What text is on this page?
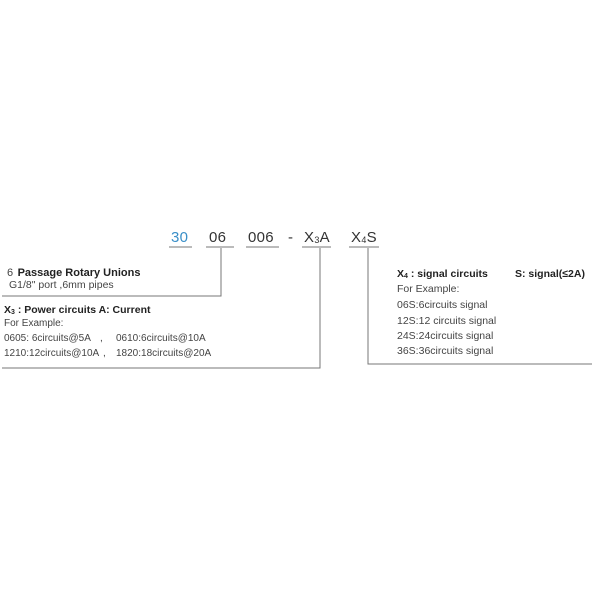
30 06 $006 - X_3A$ $X_4S$
6 Passage Rotary Unions
G1/8" port ,6mm pipes
$X_3$ : Power circuits A: Current
For Example:
0605: 6circuits@5A , 0610:6circuits@10A
1210:12circuits@10A , 1820:18circuits@20A
$X_4$ : signal circuits	S: signal(≤2A)
For Example:
06S:6circuits signal
12S:12 circuits signal
24S:24circuits signal
36S:36circuits signal
